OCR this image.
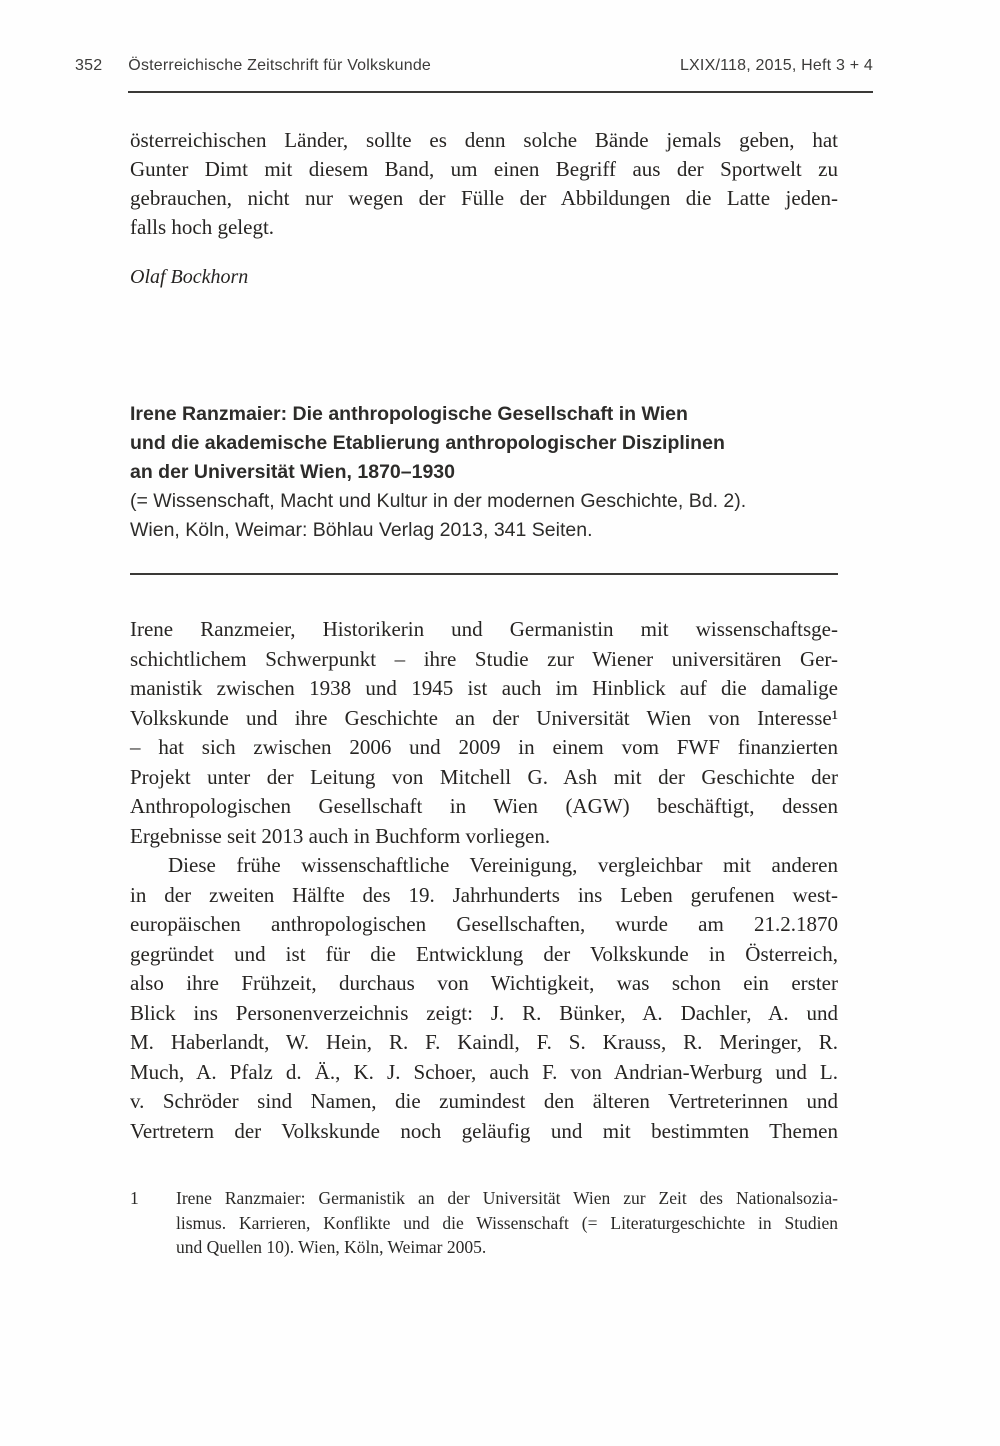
352 Österreichische Zeitschrift für Volkskunde	LXIX/118, 2015, Heft 3 + 4
österreichischen Länder, sollte es denn solche Bände jemals geben, hat
Gunter Dimt mit diesem Band, um einen Begriff aus der Sportwelt zu
gebrauchen, nicht nur wegen der Fülle der Abbildungen die Latte jeden-
falls hoch gelegt.
Olaf Bockhorn
Irene Ranzmaier: Die anthropologische Gesellschaft in Wien
und die akademische Etablierung anthropologischer Disziplinen
an der Universität Wien, 1870–1930
(= Wissenschaft, Macht und Kultur in der modernen Geschichte, Bd. 2).
Wien, Köln, Weimar: Böhlau Verlag 2013, 341 Seiten.
Irene Ranzmeier, Historikerin und Germanistin mit wissenschaftsge-
schichtlichem Schwerpunkt – ihre Studie zur Wiener universitären Ger-
manistik zwischen 1938 und 1945 ist auch im Hinblick auf die damalige
Volkskunde und ihre Geschichte an der Universität Wien von Interesse¹
– hat sich zwischen 2006 und 2009 in einem vom FWF finanzierten
Projekt unter der Leitung von Mitchell G. Ash mit der Geschichte der
Anthropologischen Gesellschaft in Wien (AGW) beschäftigt, dessen
Ergebnisse seit 2013 auch in Buchform vorliegen.
Diese frühe wissenschaftliche Vereinigung, vergleichbar mit anderen
in der zweiten Hälfte des 19. Jahrhunderts ins Leben gerufenen west-
europäischen anthropologischen Gesellschaften, wurde am 21.2.1870
gegründet und ist für die Entwicklung der Volkskunde in Österreich,
also ihre Frühzeit, durchaus von Wichtigkeit, was schon ein erster
Blick ins Personenverzeichnis zeigt: J. R. Bünker, A. Dachler, A. und
M. Haberlandt, W. Hein, R. F. Kaindl, F. S. Krauss, R. Meringer, R.
Much, A. Pfalz d. Ä., K. J. Schoer, auch F. von Andrian-Werburg und L.
v. Schröder sind Namen, die zumindest den älteren Vertreterinnen und
Vertretern der Volkskunde noch geläufig und mit bestimmten Themen
1 Irene Ranzmaier: Germanistik an der Universität Wien zur Zeit des Nationalsozia-
lismus. Karrieren, Konflikte und die Wissenschaft (= Literaturgeschichte in Studien
und Quellen 10). Wien, Köln, Weimar 2005.
